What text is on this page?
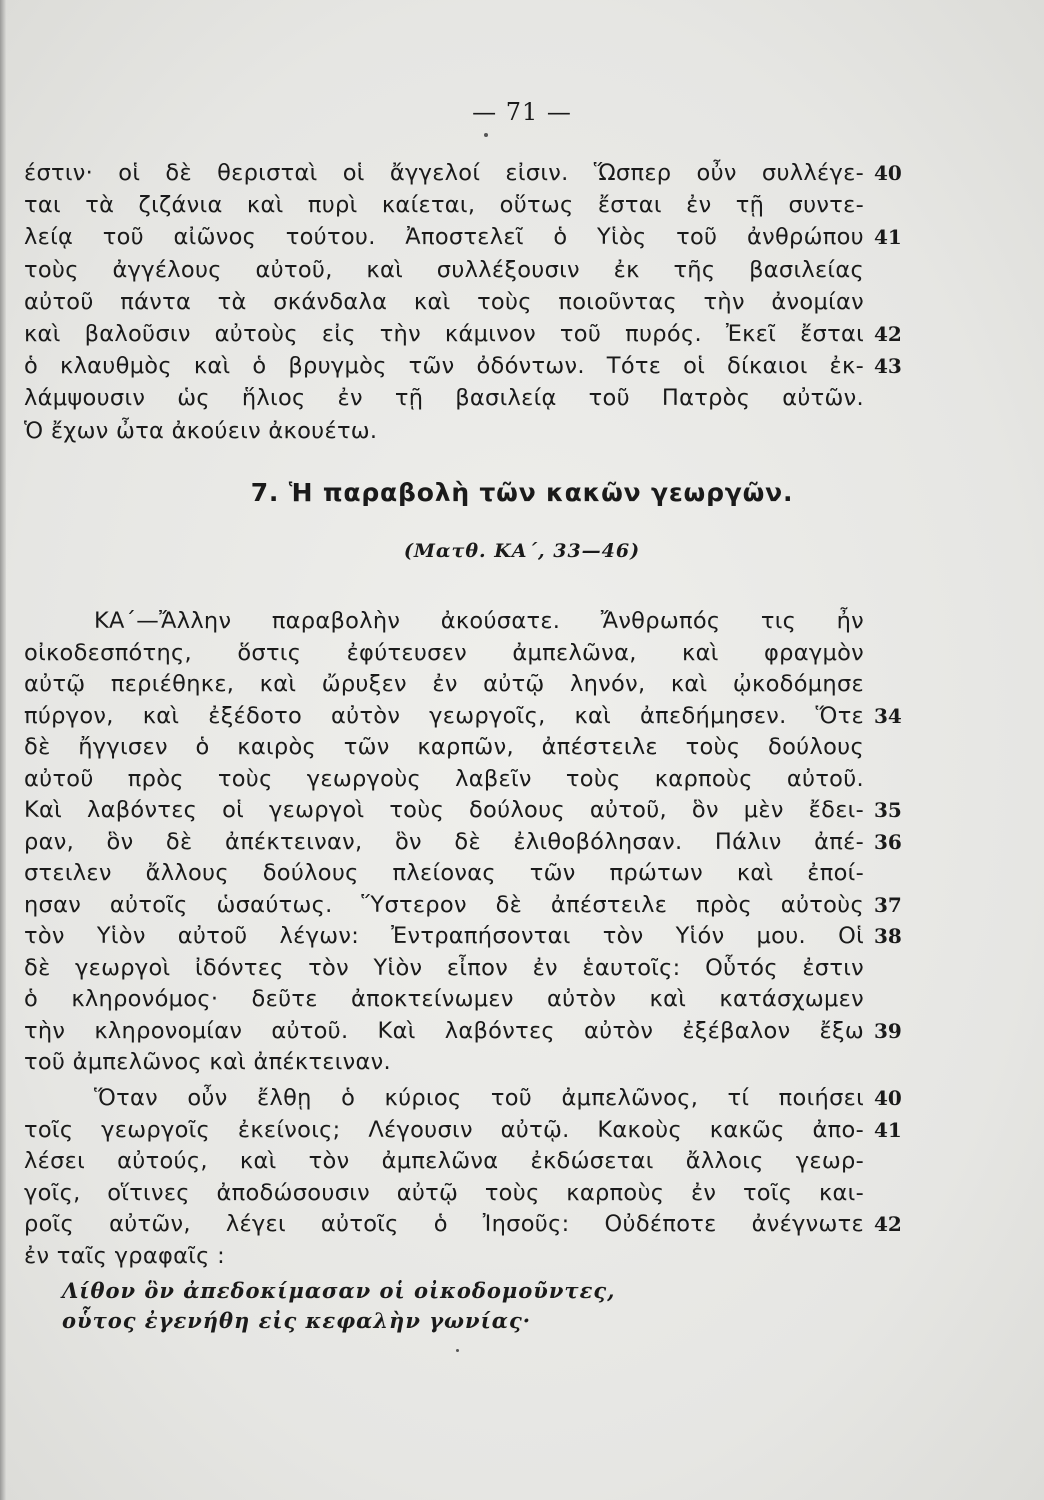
— 71 —
έστιν· οἱ δὲ θερισταὶ οἱ ἄγγελοί εἰσιν. Ὥσπερ οὖν συλλέγε-
ται τὰ ζιζάνια καὶ πυρὶ καίεται, οὕτως ἔσται ἐν τῇ συντε-
λείᾳ τοῦ αἰῶνος τούτου. Ἀποστελεῖ ὁ Υἱὸς τοῦ ἀνθρώπου
τοὺς ἀγγέλους αὐτοῦ, καὶ συλλέξουσιν ἐκ τῆς βασιλείας
αὐτοῦ πάντα τὰ σκάνδαλα καὶ τοὺς ποιοῦντας τὴν ἀνομίαν
καὶ βαλοῦσιν αὐτοὺς εἰς τὴν κάμινον τοῦ πυρός. Ἐκεῖ ἔσται
ὁ κλαυθμὸς καὶ ὁ βρυγμὸς τῶν ὀδόντων. Τότε οἱ δίκαιοι ἐκ-
λάμψουσιν ὡς ἥλιος ἐν τῇ βασιλείᾳ τοῦ Πατρὸς αὐτῶν.
Ὁ ἔχων ὦτα ἀκούειν ἀκουέτω.
7. Ἡ παραβολὴ τῶν κακῶν γεωργῶν.
(Ματθ. ΚΑ΄, 33—46)
ΚΑ΄—Ἄλλην παραβολὴν ἀκούσατε. Ἄνθρωπός τις ἦν
οἰκοδεσπότης, ὅστις ἐφύτευσεν ἀμπελῶνα, καὶ φραγμὸν
αὐτῷ περιέθηκε, καὶ ὤρυξεν ἐν αὐτῷ ληνόν, καὶ ᾠκοδόμησε
πύργον, καὶ ἐξέδοτο αὐτὸν γεωργοῖς, καὶ ἀπεδήμησεν. Ὅτε
δὲ ἤγγισεν ὁ καιρὸς τῶν καρπῶν, ἀπέστειλε τοὺς δούλους
αὐτοῦ πρὸς τοὺς γεωργοὺς λαβεῖν τοὺς καρποὺς αὐτοῦ.
Καὶ λαβόντες οἱ γεωργοὶ τοὺς δούλους αὐτοῦ, ὃν μὲν ἔδει-
ραν, ὃν δὲ ἀπέκτειναν, ὃν δὲ ἐλιθοβόλησαν. Πάλιν ἀπέ-
στειλεν ἄλλους δούλους πλείονας τῶν πρώτων καὶ ἐποί-
ησαν αὐτοῖς ὡσαύτως. Ὕστερον δὲ ἀπέστειλε πρὸς αὐτοὺς
τὸν Υἱὸν αὐτοῦ λέγων: Ἐντραπήσονται τὸν Υἱόν μου. Οἱ
δὲ γεωργοὶ ἰδόντες τὸν Υἱὸν εἶπον ἐν ἑαυτοῖς: Οὗτός ἐστιν
ὁ κληρονόμος· δεῦτε ἀποκτείνωμεν αὐτὸν καὶ κατάσχωμεν
τὴν κληρονομίαν αὐτοῦ. Καὶ λαβόντες αὐτὸν ἐξέβαλον ἔξω
τοῦ ἀμπελῶνος καὶ ἀπέκτειναν.
Ὅταν οὖν ἔλθῃ ὁ κύριος τοῦ ἀμπελῶνος, τί ποιήσει
τοῖς γεωργοῖς ἐκείνοις; Λέγουσιν αὐτῷ. Κακοὺς κακῶς ἀπο-
λέσει αὐτούς, καὶ τὸν ἀμπελῶνα ἐκδώσεται ἄλλοις γεωρ-
γοῖς, οἵτινες ἀποδώσουσιν αὐτῷ τοὺς καρποὺς ἐν τοῖς και-
ροῖς αὐτῶν, λέγει αὐτοῖς ὁ Ἰησοῦς: Οὐδέποτε ἀνέγνωτε
ἐν ταῖς γραφαῖς :
Λίθον ὃν ἀπεδοκίμασαν οἱ οἰκοδομοῦντες,
οὗτος ἐγενήθη εἰς κεφαλὴν γωνίας·
40
41
42
43
34
35
36
37
38
39
40
41
42
